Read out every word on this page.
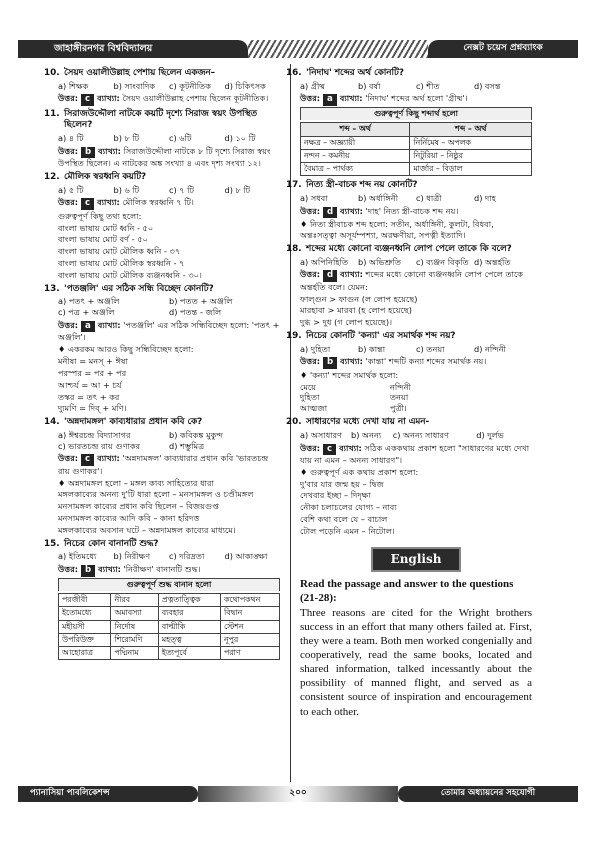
জাহাঙ্গীরনগর বিশ্ববিদ্যালয়	নেক্সট চয়েস প্রশ্নব্যাংক
10. সৈয়দ ওয়ালীউল্লাহ পেশায় ছিলেন একজন–
a) শিক্ষক	b) সাংবাদিক	c) কূটনীতিক	d) চিকিৎসক
উত্তর: c ব্যাখ্যা: সৈয়দ ওয়ালীউল্লাহ পেশায় ছিলেন কূটনীতিক।
11. সিরাজউদ্দৌলা নাটকে কয়টি দৃশ্যে সিরাজ স্বয়ং উপস্থিত ছিলেন?
a) ৪ টি	b) ৮ টি	c) ৬টি	d) ১০ টি
উত্তর: b ব্যাখ্যা: সিরাজউদ্দৌলা নাটকে ৮ টি দৃশ্যে সিরাজ স্বয়ং উপস্থিত ছিলেন। এ নাটকের অঙ্ক সংখ্যা ৪ এবং দৃশ্য সংখ্যা ১২।
12. মৌলিক স্বরধ্বনি কয়টি?
a) ৫ টি	b) ৬ টি	c) ৭ টি	d) ৮ টি
উত্তর: c ব্যাখ্যা: মৌলিক স্বরধ্বনি ৭ টি।
গুরুত্বপূর্ণ কিছু তথ্য হলো:
বাংলা ভাষায় মোট ধ্বনি - ৫০
বাংলা ভাষায় মোট বর্ণ - ৫০
বাংলা ভাষায় মোট মৌলিক ধ্বনি - ৩৭
বাংলা ভাষায় মোট মৌলিক স্বরধ্বনি - ৭
বাংলা ভাষায় মোট মৌলিক ব্যঞ্জনধ্বনি - ৩০।
13. 'পতঞ্জলি' এর সঠিক সন্ধি বিচ্ছেদ কোনটি?
a) পতৎ + অঞ্জলি	b) পতত + অঞ্জলি
c) পত্র + অঞ্জলি	d) পতন্ত - জলি
উত্তর: a ব্যাখ্যা: 'পতঞ্জলি' এর সঠিক সন্ধিবিচ্ছেদ হলো: 'পতৎ + অঞ্জলি'।
♦ একরকম আরও কিছু সন্ধিবিচ্ছেদ হলো:
মনীষা = মনস্ + ঈষা
পরস্পর = পর + পর
আশ্চর্য = আ + চর্য
তস্কর = তৎ + কর
দ্যুমণি = দিব্ + মণি।
14. 'অন্নদামঙ্গল' কাব্যধারার প্রধান কবি কে?
a) ঈশ্বরচন্দ্র বিদ্যাসাগর	b) কবিকঙ্ক মুকুন্দ
c) ভারতচন্দ্র রায় গুণাকর	d) শম্ভুমিত্র
উত্তর: c ব্যাখ্যা: 'অন্নদামঙ্গল' কাব্যধারার প্রধান কবি 'ভারতচন্দ্র রায় গুণাকর'।
♦ অন্নদামঙ্গল হলো – মঙ্গল কাব্য সাহিত্যের ধারা
মঙ্গলকাব্যের অনন্য দু'টি ধারা হলো – মনসামঙ্গল ও চণ্ডীমঙ্গল
মনসামঙ্গল কাব্যের প্রধান কবি ছিলেন – বিজয়গুপ্ত
মনসামঙ্গল কাব্যের আদি কবি – কানা হরিদত্ত
মঙ্গলকাব্যের অবসান ঘটে – অন্নদামঙ্গল কাব্যের মাধ্যমে।
15. নিচের কোন বানানটি শুদ্ধ?
a) ইতিমধ্যে	b) নিরীক্ষণ	c) দরিদ্রতা	d) আকাঙ্ক্ষা
উত্তর: b ব্যাখ্যা: 'নিরীক্ষণ' বানানটি শুদ্ধ।
গুরুত্বপূর্ণ শুদ্ধ বানান হলো
পরজীবী	নীরব	প্রত্নতাত্ত্বিক	কথোপকথন
ইতোমধ্যে	অমাবস্যা	ব্যবহার	বিদ্বান
মহীয়সী	নির্দোষ	বাল্মীকি	স্টেশন
উপরিউক্ত	শিরোমণি	মহত্ত্ব	নূপুর
আহোরাত্র	পদ্মিনাম	ইত্যপূর্বে	পরাণ
16. 'নিদাঘ' শব্দের অর্থ কোনটি?
a) গ্রীষ্ম	b) বর্ষা	c) শীত	d) বসন্ত
উত্তর: a ব্যাখ্যা: 'নিদাঘ' শব্দের অর্থ হলো 'গ্রীষ্ম'।
গুরুত্বপূর্ণ কিছু শব্দার্থ হলো
শব্দ – অর্থ	শব্দ – অর্থ
নক্ষত্র – অজ্ঞ্যায়ী	নির্নিমেষ – অপলক
নন্দন – কমনীয়	নিটুরিয়া – নিষ্ঠুর
বৈমাত্র – পার্থক্য	মার্জার – বিড়াল
17. নিত্য স্ত্রী-বাচক শব্দ নয় কোনটি?
a) সধবা	b) অর্ধাঙ্গিনী	c) ধাত্রী	d) দাহ
উত্তর: d ব্যাখ্যা: 'দাহ' নিত্য স্ত্রী-বাচক শব্দ নয়।
♦ নিত্য স্ত্রীবাচক শব্দ হলো: সতীন, অর্ধাঙ্গিনী, কুলটা, বিধবা, অন্তঃসত্ত্বা অসূর্যম্পশ্যা, অরক্ষণীয়া, সপত্নী ইত্যাদি।
18. শব্দের মধ্যে কোনো ব্যঞ্জনধ্বনি লোপ পেলে তাকে কি বলে?
a) অপিনিহিতি	b) অভিশ্রুতি	c) ব্যঞ্জন বিকৃতি d) অন্তর্হতি
উত্তর: d ব্যাখ্যা: শব্দের মধ্যে কোনো ব্যঞ্জনধ্বনি লোপ পেলে তাকে অন্তর্হতি বলে। যেমন:
ফাল্গুন > ফাগুন (ল লোপ হয়েছে)
মারহাবা > মারবা (হ লোপ হয়েছে)
দুগ্ধ > দুধ (গ লোপ হয়েছে)।
19. নিচের কোনটি 'কন্যা' এর সমার্থক শব্দ নয়?
a) দুহিতা	b) কান্তা	c) তনয়া	d) নন্দিনী
উত্তর: b ব্যাখ্যা: 'কান্তা' শব্দটি কন্যা শব্দের সমার্থক নয়।
♦ 'কন্যা' শব্দের সমার্থক হলো:
মেয়ে	নন্দিনী
দুহিতা	তনয়া
আত্মজা	পুত্রী।
20. সাধারণের মধ্যে দেখা যায় না এমন-
a) অসাধারণ	b) অনন্য	c) অনন্য সাধারণ	d) দুর্লভ
উত্তর: c ব্যাখ্যা: সঠিক এককথায় প্রকাশ হলো "সাধারণের মধ্যে দেখা যায় না এমন – অনন্য সাধারণ"।
♦ গুরুত্বপূর্ণ এক কথায় প্রকাশ হলো:
দু'বার যার জন্ম হয় – দ্বিজ
দেখবার ইচ্ছা – দিদৃক্ষা
নৌকা চলাচলের যোগ্য – নাব্য
বেশি কথা বলে যে – বাচাল
টোল পড়েনি এমন – নিটোল।
English
Read the passage and answer to the questions (21-28):
Three reasons are cited for the Wright brothers success in an effort that many others failed at. First, they were a team. Both men worked congenially and cooperatively, read the same books, located and shared information, talked incessantly about the possibility of manned flight, and served as a consistent source of inspiration and encouragement to each other.
প্যানাসিয়া পাবলিকেশন্স	২০০	তোমার অধ্যায়নের সহযোগী
